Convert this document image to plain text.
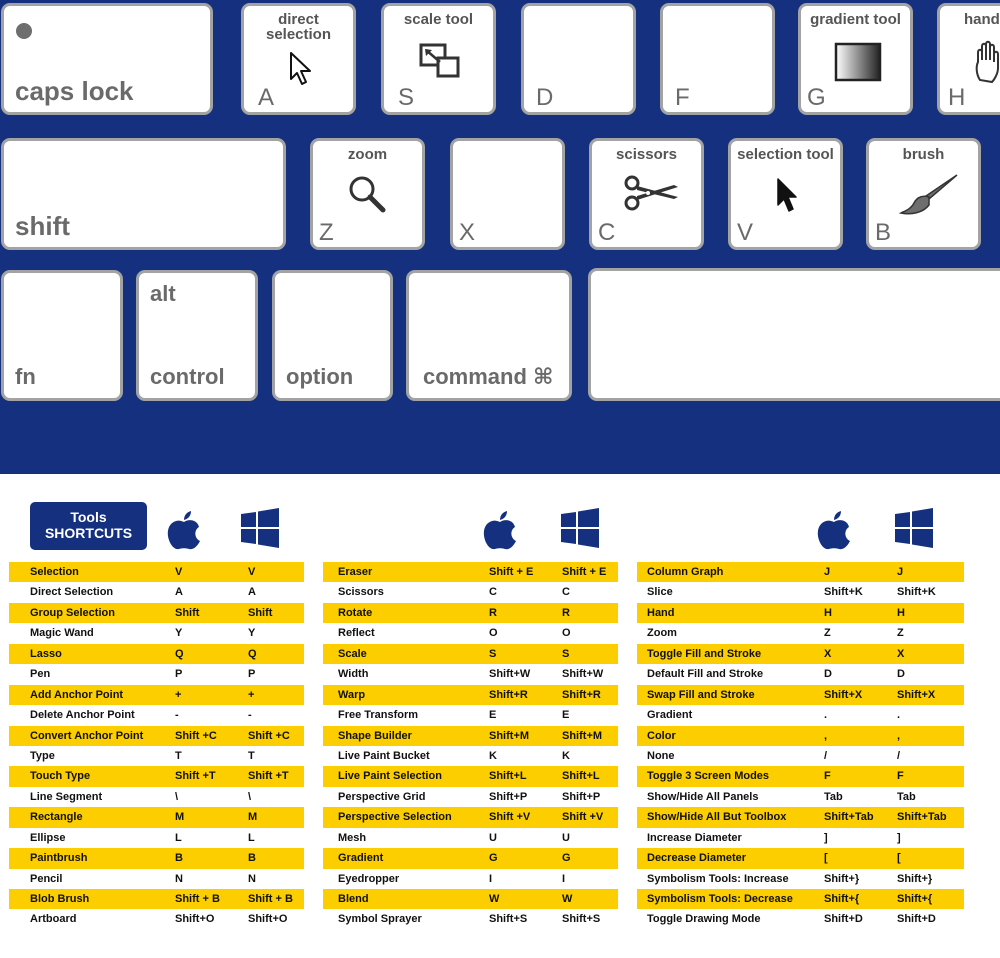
caps lock
direct selection
A
scale tool
S	D	F
gradient tool
G
hand
H
shift
zoom
Z	X
scissors
C
selection tool
V
brush
B
fn
alt
control	option	command ⌘
Tools
SHORTCUTS
Selection	V	V
Direct Selection	A	A
Group Selection	Shift	Shift
Magic Wand	Y	Y
Lasso	Q	Q
Pen	P	P
Add Anchor Point	+	+
Delete Anchor Point	-	-
Convert Anchor Point	Shift +C	Shift +C
Type	T	T
Touch Type	Shift +T	Shift +T
Line Segment	\	\
Rectangle	M	M
Ellipse	L	L
Paintbrush	B	B
Pencil	N	N
Blob Brush	Shift + B	Shift + B
Artboard	Shift+O	Shift+O
Eraser	Shift + E	Shift + E
Scissors	C	C
Rotate	R	R
Reflect	O	O
Scale	S	S
Width	Shift+W	Shift+W
Warp	Shift+R	Shift+R
Free Transform	E	E
Shape Builder	Shift+M	Shift+M
Live Paint Bucket	K	K
Live Paint Selection	Shift+L	Shift+L
Perspective Grid	Shift+P	Shift+P
Perspective Selection	Shift +V	Shift +V
Mesh	U	U
Gradient	G	G
Eyedropper	I	I
Blend	W	W
Symbol Sprayer	Shift+S	Shift+S
Column Graph	J	J
Slice	Shift+K	Shift+K
Hand	H	H
Zoom	Z	Z
Toggle Fill and Stroke	X	X
Default Fill and Stroke	D	D
Swap Fill and Stroke	Shift+X	Shift+X
Gradient	.	.
Color	,	,
None	/	/
Toggle 3 Screen Modes	F	F
Show/Hide All Panels	Tab	Tab
Show/Hide All But Toolbox	Shift+Tab Shift+Tab
Increase Diameter	]	]
Decrease Diameter	[	[
Symbolism Tools: Increase	Shift+}	Shift+}
Symbolism Tools: Decrease	Shift+{	Shift+{
Toggle Drawing Mode	Shift+D	Shift+D
